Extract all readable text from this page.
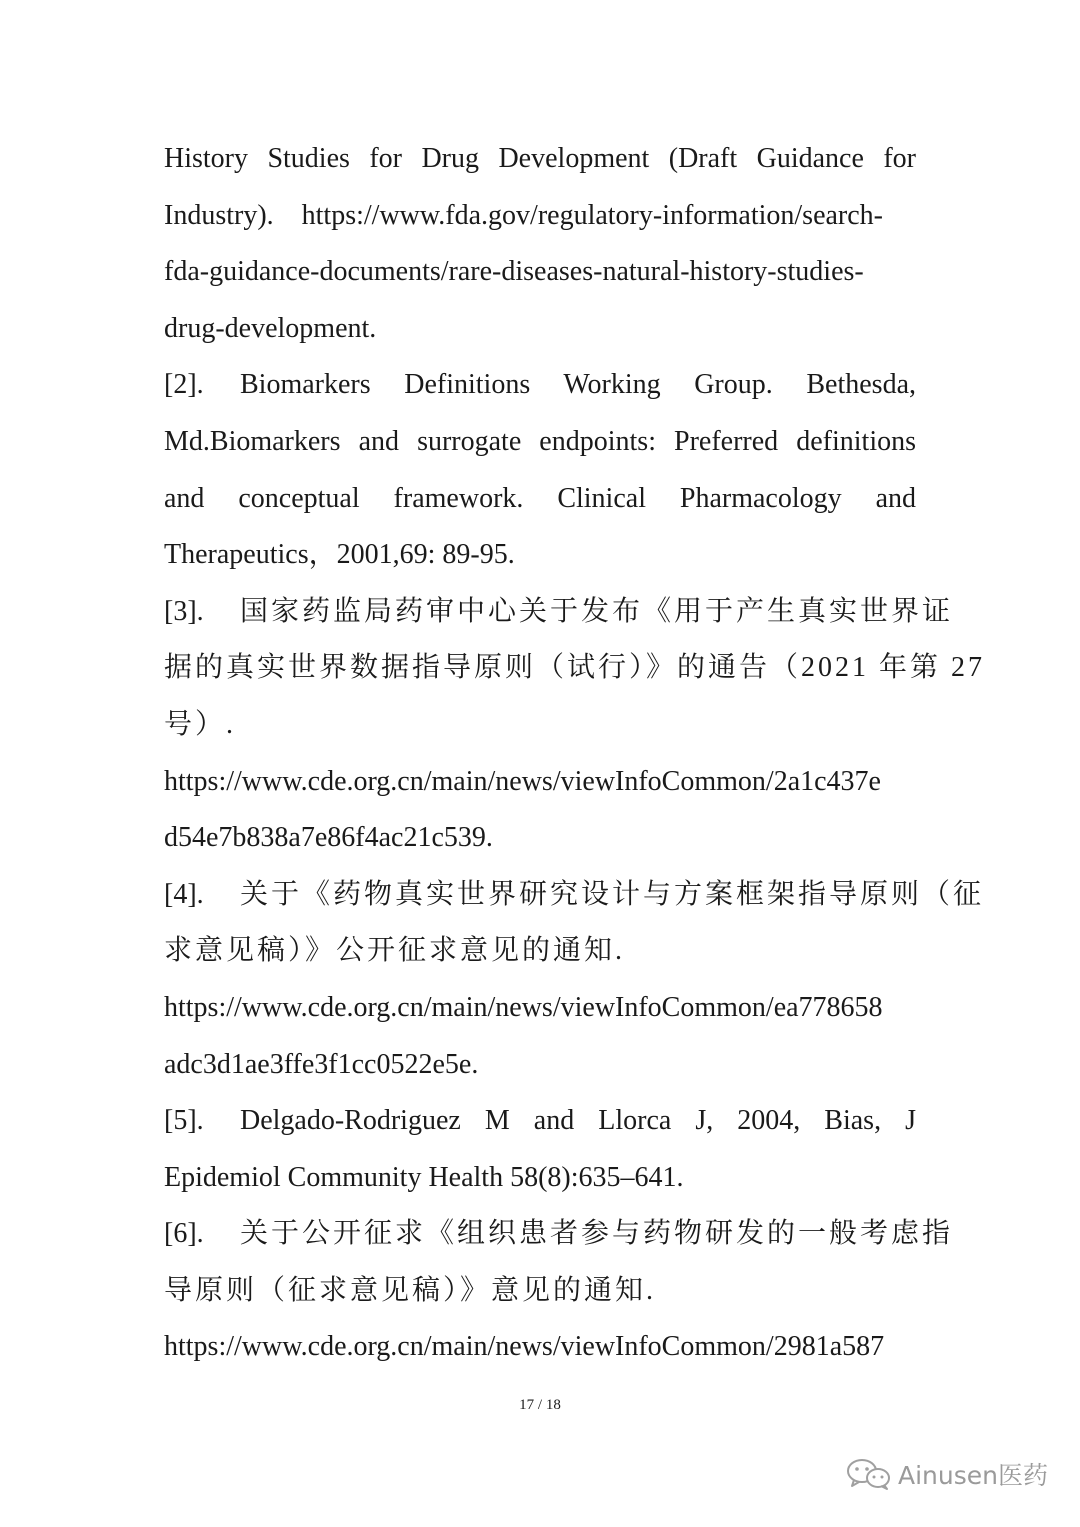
History Studies for Drug Development (Draft Guidance for
Industry).    https://www.fda.gov/regulatory-information/search-
fda-guidance-documents/rare-diseases-natural-history-studies-
drug-development.
[2]. Biomarkers Definitions Working Group. Bethesda,
Md.Biomarkers and surrogate endpoints: Preferred definitions
and conceptual framework. Clinical Pharmacology and
Therapeutics，2001,69: 89-95.
[3]. 国家药监局药审中心关于发布《用于产生真实世界证
据的真实世界数据指导原则（试行）》的通告（2021 年第 27
号）.
https://www.cde.org.cn/main/news/viewInfoCommon/2a1c437e
d54e7b838a7e86f4ac21c539.
[4]. 关于《药物真实世界研究设计与方案框架指导原则（征
求意见稿）》公开征求意见的通知.
https://www.cde.org.cn/main/news/viewInfoCommon/ea778658
adc3d1ae3ffe3f1cc0522e5e.
[5]. Delgado-Rodriguez M and Llorca J, 2004, Bias, J
Epidemiol Community Health 58(8):635–641.
[6]. 关于公开征求《组织患者参与药物研发的一般考虑指
导原则（征求意见稿）》意见的通知.
https://www.cde.org.cn/main/news/viewInfoCommon/2981a587
17 / 18
Ainusen医药
